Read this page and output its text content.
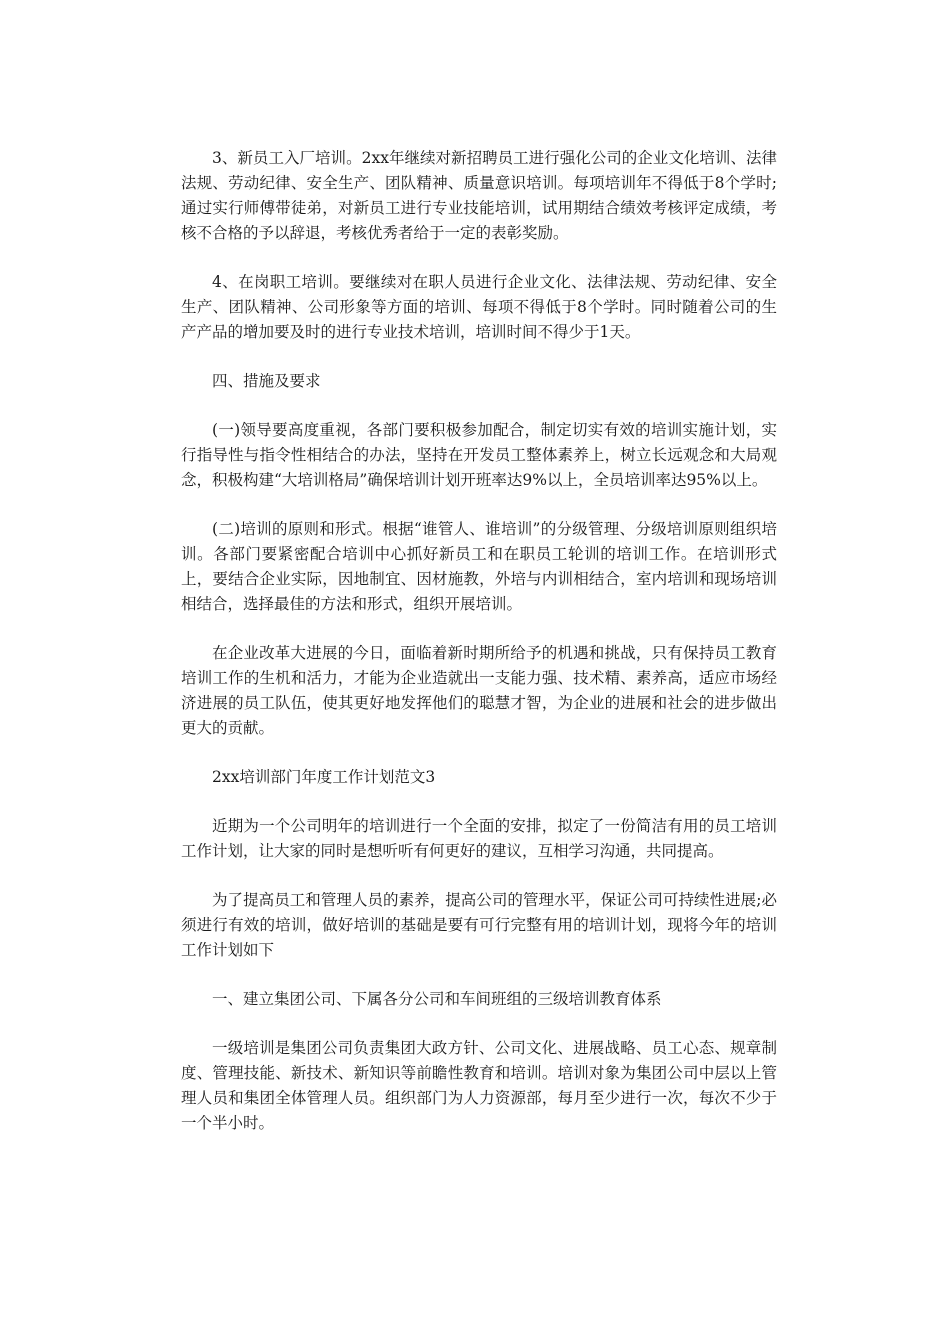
3、新员工入厂培训。2xx年继续对新招聘员工进行强化公司的企业文化培训、法律法规、劳动纪律、安全生产、团队精神、质量意识培训。每项培训年不得低于8个学时;通过实行师傅带徒弟，对新员工进行专业技能培训，试用期结合绩效考核评定成绩，考核不合格的予以辞退，考核优秀者给于一定的表彰奖励。

4、在岗职工培训。要继续对在职人员进行企业文化、法律法规、劳动纪律、安全生产、团队精神、公司形象等方面的培训、每项不得低于8个学时。同时随着公司的生产产品的增加要及时的进行专业技术培训，培训时间不得少于1天。

四、措施及要求

(一)领导要高度重视，各部门要积极参加配合，制定切实有效的培训实施计划，实行指导性与指令性相结合的办法，坚持在开发员工整体素养上，树立长远观念和大局观念，积极构建“大培训格局”确保培训计划开班率达9%以上，全员培训率达95%以上。

(二)培训的原则和形式。根据“谁管人、谁培训”的分级管理、分级培训原则组织培训。各部门要紧密配合培训中心抓好新员工和在职员工轮训的培训工作。在培训形式上，要结合企业实际，因地制宜、因材施教，外培与内训相结合，室内培训和现场培训相结合，选择最佳的方法和形式，组织开展培训。

在企业改革大进展的今日，面临着新时期所给予的机遇和挑战，只有保持员工教育培训工作的生机和活力，才能为企业造就出一支能力强、技术精、素养高，适应市场经济进展的员工队伍，使其更好地发挥他们的聪慧才智，为企业的进展和社会的进步做出更大的贡献。

2xx培训部门年度工作计划范文3

近期为一个公司明年的培训进行一个全面的安排，拟定了一份简洁有用的员工培训工作计划，让大家的同时是想听听有何更好的建议，互相学习沟通，共同提高。

为了提高员工和管理人员的素养，提高公司的管理水平，保证公司可持续性进展;必须进行有效的培训，做好培训的基础是要有可行完整有用的培训计划，现将今年的培训工作计划如下

一、建立集团公司、下属各分公司和车间班组的三级培训教育体系

一级培训是集团公司负责集团大政方针、公司文化、进展战略、员工心态、规章制度、管理技能、新技术、新知识等前瞻性教育和培训。培训对象为集团公司中层以上管理人员和集团全体管理人员。组织部门为人力资源部，每月至少进行一次，每次不少于一个半小时。
